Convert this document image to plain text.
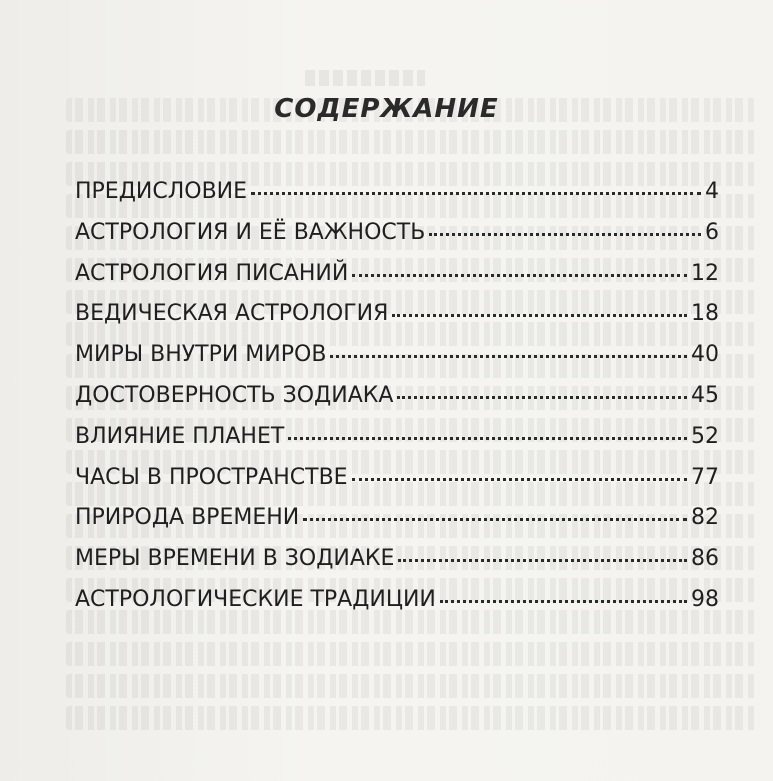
СОДЕРЖАНИЕ
ПРЕДИСЛОВИЕ	4
АСТРОЛОГИЯ И ЕЁ ВАЖНОСТЬ	6
АСТРОЛОГИЯ ПИСАНИЙ	12
ВЕДИЧЕСКАЯ АСТРОЛОГИЯ	18
МИРЫ ВНУТРИ МИРОВ	40
ДОСТОВЕРНОСТЬ ЗОДИАКА	45
ВЛИЯНИЕ ПЛАНЕТ	52
ЧАСЫ В ПРОСТРАНСТВЕ	77
ПРИРОДА ВРЕМЕНИ	82
МЕРЫ ВРЕМЕНИ В ЗОДИАКЕ	86
АСТРОЛОГИЧЕСКИЕ ТРАДИЦИИ	98
